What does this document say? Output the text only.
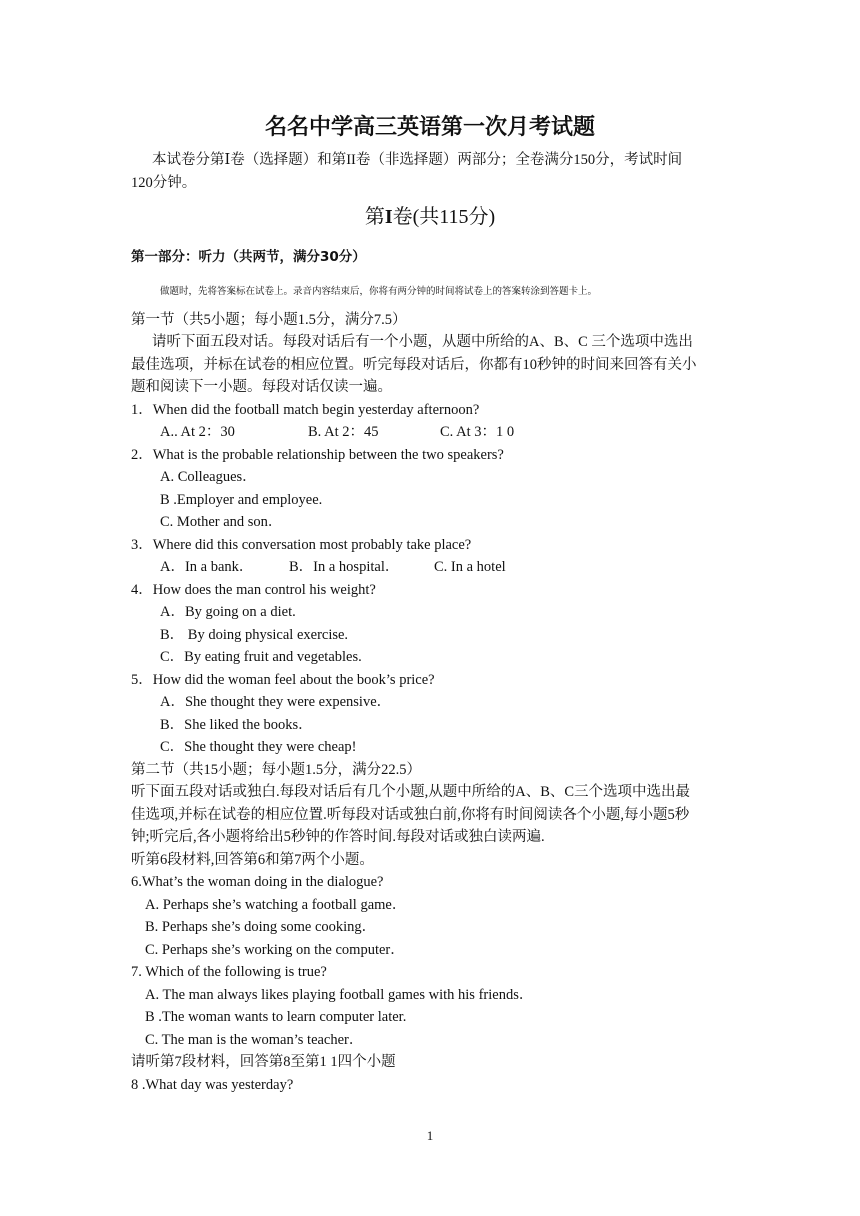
名名中学高三英语第一次月考试题
本试卷分第Ⅰ卷（选择题）和第II卷（非选择题）两部分；全卷满分150分，考试时间
120分钟。
第I卷(共115分)
第一部分：听力（共两节，满分30分）
做题时，先将答案标在试卷上。录音内容结束后，你将有两分钟的时间将试卷上的答案转涂到答题卡上。
第一节（共5小题；每小题1.5分，满分7.5）
请听下面五段对话。每段对话后有一个小题，从题中所给的A、B、C 三个选项中选出
最佳选项，并标在试卷的相应位置。听完每段对话后，你都有10秒钟的时间来回答有关小
题和阅读下一小题。每段对话仅读一遍。
1．When did the football match begin yesterday afternoon?
A.. At 2：30	B. At 2：45	C. At 3：1 0
2．What is the probable relationship between the two speakers?
A. Colleagues．
B .Employer and employee.
C. Mother and son．
3．Where did this conversation most probably take place?
A．In a bank． B．In a hospital． C. In a hotel
4．How does the man control his weight?
A．By going on a diet.
B． By doing physical exercise.
C．By eating fruit and vegetables.
5．How did the woman feel about the book’s price?
A．She thought they were expensive．
B．She liked the books．
C．She thought they were cheap!
第二节（共15小题；每小题1.5分，满分22.5）
听下面五段对话或独白.每段对话后有几个小题,从题中所给的A、B、C三个选项中选出最
佳选项,并标在试卷的相应位置.听每段对话或独白前,你将有时间阅读各个小题,每小题5秒
钟;听完后,各小题将给出5秒钟的作答时间.每段对话或独白读两遍.
听第6段材料,回答第6和第7两个小题。
6.What’s the woman doing in the dialogue?
A. Perhaps she’s watching a football game．
B. Perhaps she’s doing some cooking．
C. Perhaps she’s working on the computer．
7. Which of the following is true?
A. The man always likes playing football games with his friends．
B .The woman wants to learn computer later.
C. The man is the woman’s teacher．
请听第7段材料，回答第8至第1 1四个小题
8 .What day was yesterday?
1
